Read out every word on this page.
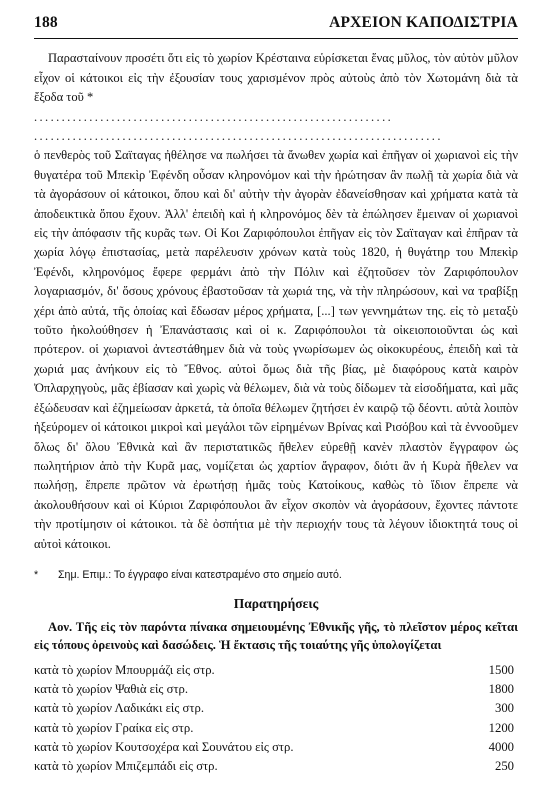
188	ΑΡΧΕΙΟΝ ΚΑΠΟΔΙΣΤΡΙΑ

Παρασταίνουν προσέτι ὅτι εἰς τὸ χωρίον Κρέσταινα εὑρίσκεται ἕνας μῦλος, τὸν αὐτὸν μῦλον εἶχον οἱ κάτοικοι εἰς τὴν ἐξουσίαν τους χαρισμένον πρὸς αὐτοὺς ἀπὸ τὸν Χωτομάνη διὰ τὰ ἔξοδα τοῦ *

.................................................................
..........................................................................

ὁ πενθερὸς τοῦ Σαϊταγας ἠθέλησε να πωλήσει τὰ ἄνωθεν χωρία καὶ ἐπῆγαν οἱ χωριανοὶ εἰς τὴν θυγατέρα τοῦ Μπεκὶρ Ἐφένδη οὖσαν κληρονόμον καὶ τὴν ἠρώτησαν ἂν πωλῇ τὰ χωρία διὰ νὰ τὰ ἀγοράσουν οἱ κάτοικοι, ὅπου καὶ δι' αὐτὴν τὴν ἀγορὰν ἐδανείσθησαν καὶ χρήματα κατὰ τὰ ἀποδεικτικὰ ὅπου ἔχουν. Ἀλλ' ἐπειδὴ καὶ ἡ κληρονόμος δὲν τὰ ἐπώλησεν ἔμειναν οἱ χωριανοὶ εἰς τὴν ἀπόφασιν τῆς κυρᾶς των. Οἱ Κοι Ζαριφόπουλοι ἐπῆγαν εἰς τὸν Σαϊταγαν καὶ ἐπῆραν τὰ χωρία λόγῳ ἐπιστασίας, μετὰ παρέλευσιν χρόνων κατὰ τοὺς 1820, ἡ θυγάτηρ του Μπεκὶρ Ἐφένδι, κληρονόμος ἔφερε φερμάνι ἀπὸ τὴν Πόλιν καὶ ἐζητοῦσεν τὸν Ζαριφόπουλον λογαριασμόν, δι' ὅσους χρόνους ἐβαστοῦσαν τὰ χωριά της, νὰ τὴν πληρώσουν, καὶ να τραβίξῃ χέρι ἀπὸ αὐτά, τῆς ὁποίας καὶ ἔδωσαν μέρος χρήματα, [...] των γεννημάτων της. εἰς τὸ μεταξὺ τοῦτο ἠκολούθησεν ἡ Ἐπανάστασις καὶ οἱ κ. Ζαριφόπουλοι τὰ οἰκειοποιοῦνται ὡς καὶ πρότερον. οἱ χωριανοὶ ἀντεστάθημεν διὰ νὰ τοὺς γνωρίσωμεν ὡς οἰκοκυρέους, ἐπειδὴ καὶ τὰ χωριά μας ἀνήκουν εἰς τὸ Ἔθνος. αὐτοὶ ὅμως διὰ τῆς βίας, μὲ διαφόρους κατὰ καιρὸν Ὀπλαρχηγοὺς, μᾶς ἐβίασαν καὶ χωρὶς νὰ θέλωμεν, διὰ νὰ τοὺς δίδωμεν τὰ εἰσοδήματα, καὶ μᾶς ἐξώδευσαν καὶ ἐζημείωσαν ἀρκετά, τὰ ὁποῖα θέλωμεν ζητήσει ἐν καιρῷ τῷ δέοντι. αὐτὰ λοιπὸν ἠξεύρομεν οἱ κάτοικοι μικροὶ καὶ μεγάλοι τῶν εἰρημένων Βρίνας καὶ Ρισόβου καὶ τὰ ἐννοοῦμεν ὅλως δι' ὅλου Ἐθνικὰ καὶ ἂν περιστατικῶς ἤθελεν εὑρεθῇ κανὲν πλαστὸν ἔγγραφον ὡς πωλητήριον ἀπὸ τὴν Κυρᾶ μας, νομίζεται ὡς χαρτίον ἄγραφον, διότι ἂν ἡ Κυρὰ ἤθελεν να πωλήσῃ, ἔπρεπε πρῶτον νὰ ἐρωτήσῃ ἡμᾶς τοὺς Κατοίκους, καθὼς τὸ ἴδιον ἔπρεπε νὰ ἀκολουθήσουν καὶ οἱ Κύριοι Ζαριφόπουλοι ἂν εἶχον σκοπὸν νὰ ἀγοράσουν, ἔχοντες πάντοτε τὴν προτίμησιν οἱ κάτοικοι. τὰ δὲ ὀσπήτια μὲ τὴν περιοχήν τους τὰ λέγουν ἰδιοκτητά τους οἱ αὐτοὶ κάτοικοι.

* Σημ. Επιμ.: Το έγγραφο είναι κατεστραμένο στο σημείο αυτό.
Παρατηρήσεις

Αον. Τῆς εἰς τὸν παρόντα πίνακα σημειουμένης Ἐθνικῆς γῆς, τὸ πλεῖστον μέρος κεῖται εἰς τόπους ὀρεινοὺς καὶ δασώδεις. Ἡ ἔκτασις τῆς τοιαύτης γῆς ὑπολογίζεται

κατὰ τὸ χωρίον Μπουρμάζι εἰς στρ.	1500
κατὰ τὸ χωρίον Ψαθιὰ εἰς στρ.	1800
κατὰ τὸ χωρίον Λαδικάκι εἰς στρ.	300
κατὰ τὸ χωρίον Γραίκα εἰς στρ.	1200
κατὰ τὸ χωρίον Κουτσοχέρα καὶ Σουνάτου εἰς στρ.	4000
κατὰ τὸ χωρίον Μπιζεμπάδι εἰς στρ.	250
